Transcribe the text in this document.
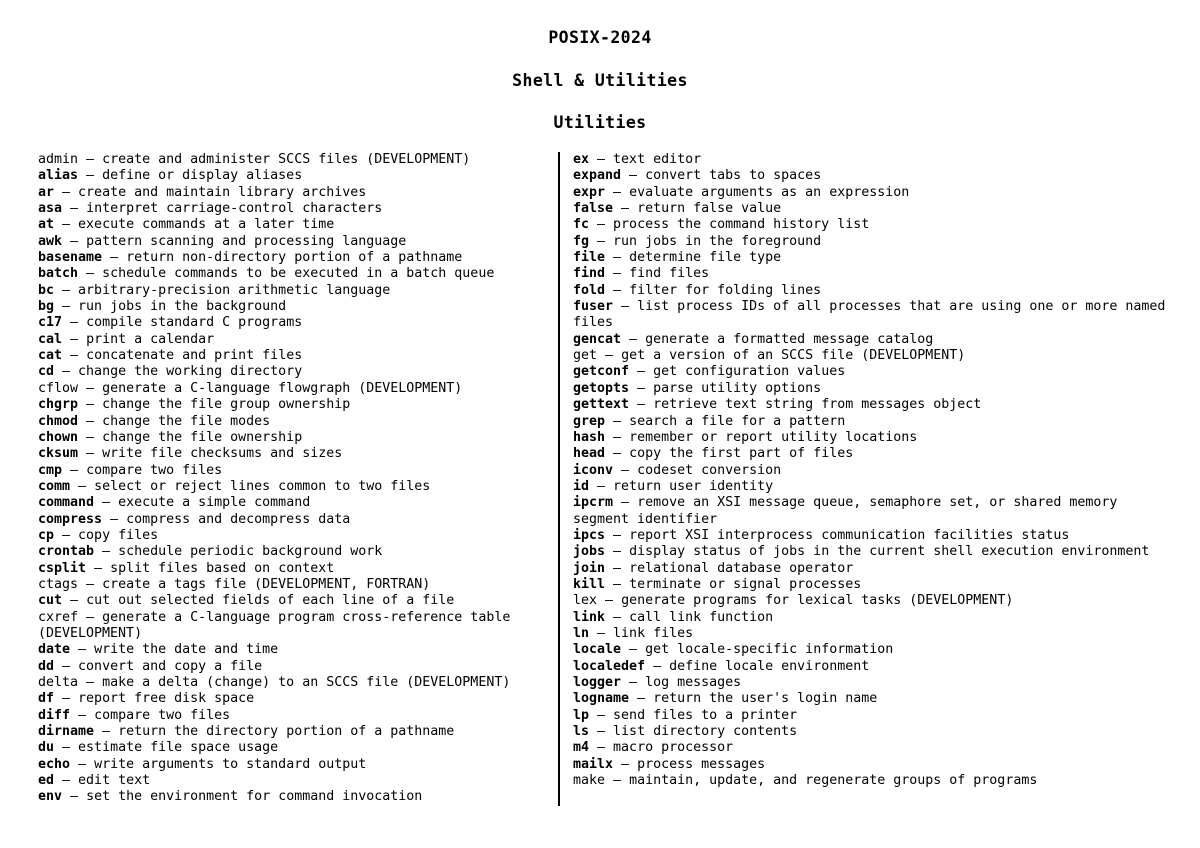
POSIX-2024
Shell & Utilities
Utilities
admin – create and administer SCCS files (DEVELOPMENT)
alias – define or display aliases
ar – create and maintain library archives
asa – interpret carriage-control characters
at – execute commands at a later time
awk – pattern scanning and processing language
basename – return non-directory portion of a pathname
batch – schedule commands to be executed in a batch queue
bc – arbitrary-precision arithmetic language
bg – run jobs in the background
c17 – compile standard C programs
cal – print a calendar
cat – concatenate and print files
cd – change the working directory
cflow – generate a C-language flowgraph (DEVELOPMENT)
chgrp – change the file group ownership
chmod – change the file modes
chown – change the file ownership
cksum – write file checksums and sizes
cmp – compare two files
comm – select or reject lines common to two files
command – execute a simple command
compress – compress and decompress data
cp – copy files
crontab – schedule periodic background work
csplit – split files based on context
ctags – create a tags file (DEVELOPMENT, FORTRAN)
cut – cut out selected fields of each line of a file
cxref – generate a C-language program cross-reference table (DEVELOPMENT)
date – write the date and time
dd – convert and copy a file
delta – make a delta (change) to an SCCS file (DEVELOPMENT)
df – report free disk space
diff – compare two files
dirname – return the directory portion of a pathname
du – estimate file space usage
echo – write arguments to standard output
ed – edit text
env – set the environment for command invocation
ex – text editor
expand – convert tabs to spaces
expr – evaluate arguments as an expression
false – return false value
fc – process the command history list
fg – run jobs in the foreground
file – determine file type
find – find files
fold – filter for folding lines
fuser – list process IDs of all processes that are using one or more named files
gencat – generate a formatted message catalog
get – get a version of an SCCS file (DEVELOPMENT)
getconf – get configuration values
getopts – parse utility options
gettext – retrieve text string from messages object
grep – search a file for a pattern
hash – remember or report utility locations
head – copy the first part of files
iconv – codeset conversion
id – return user identity
ipcrm – remove an XSI message queue, semaphore set, or shared memory segment identifier
ipcs – report XSI interprocess communication facilities status
jobs – display status of jobs in the current shell execution environment
join – relational database operator
kill – terminate or signal processes
lex – generate programs for lexical tasks (DEVELOPMENT)
link – call link function
ln – link files
locale – get locale-specific information
localedef – define locale environment
logger – log messages
logname – return the user's login name
lp – send files to a printer
ls – list directory contents
m4 – macro processor
mailx – process messages
make – maintain, update, and regenerate groups of programs
